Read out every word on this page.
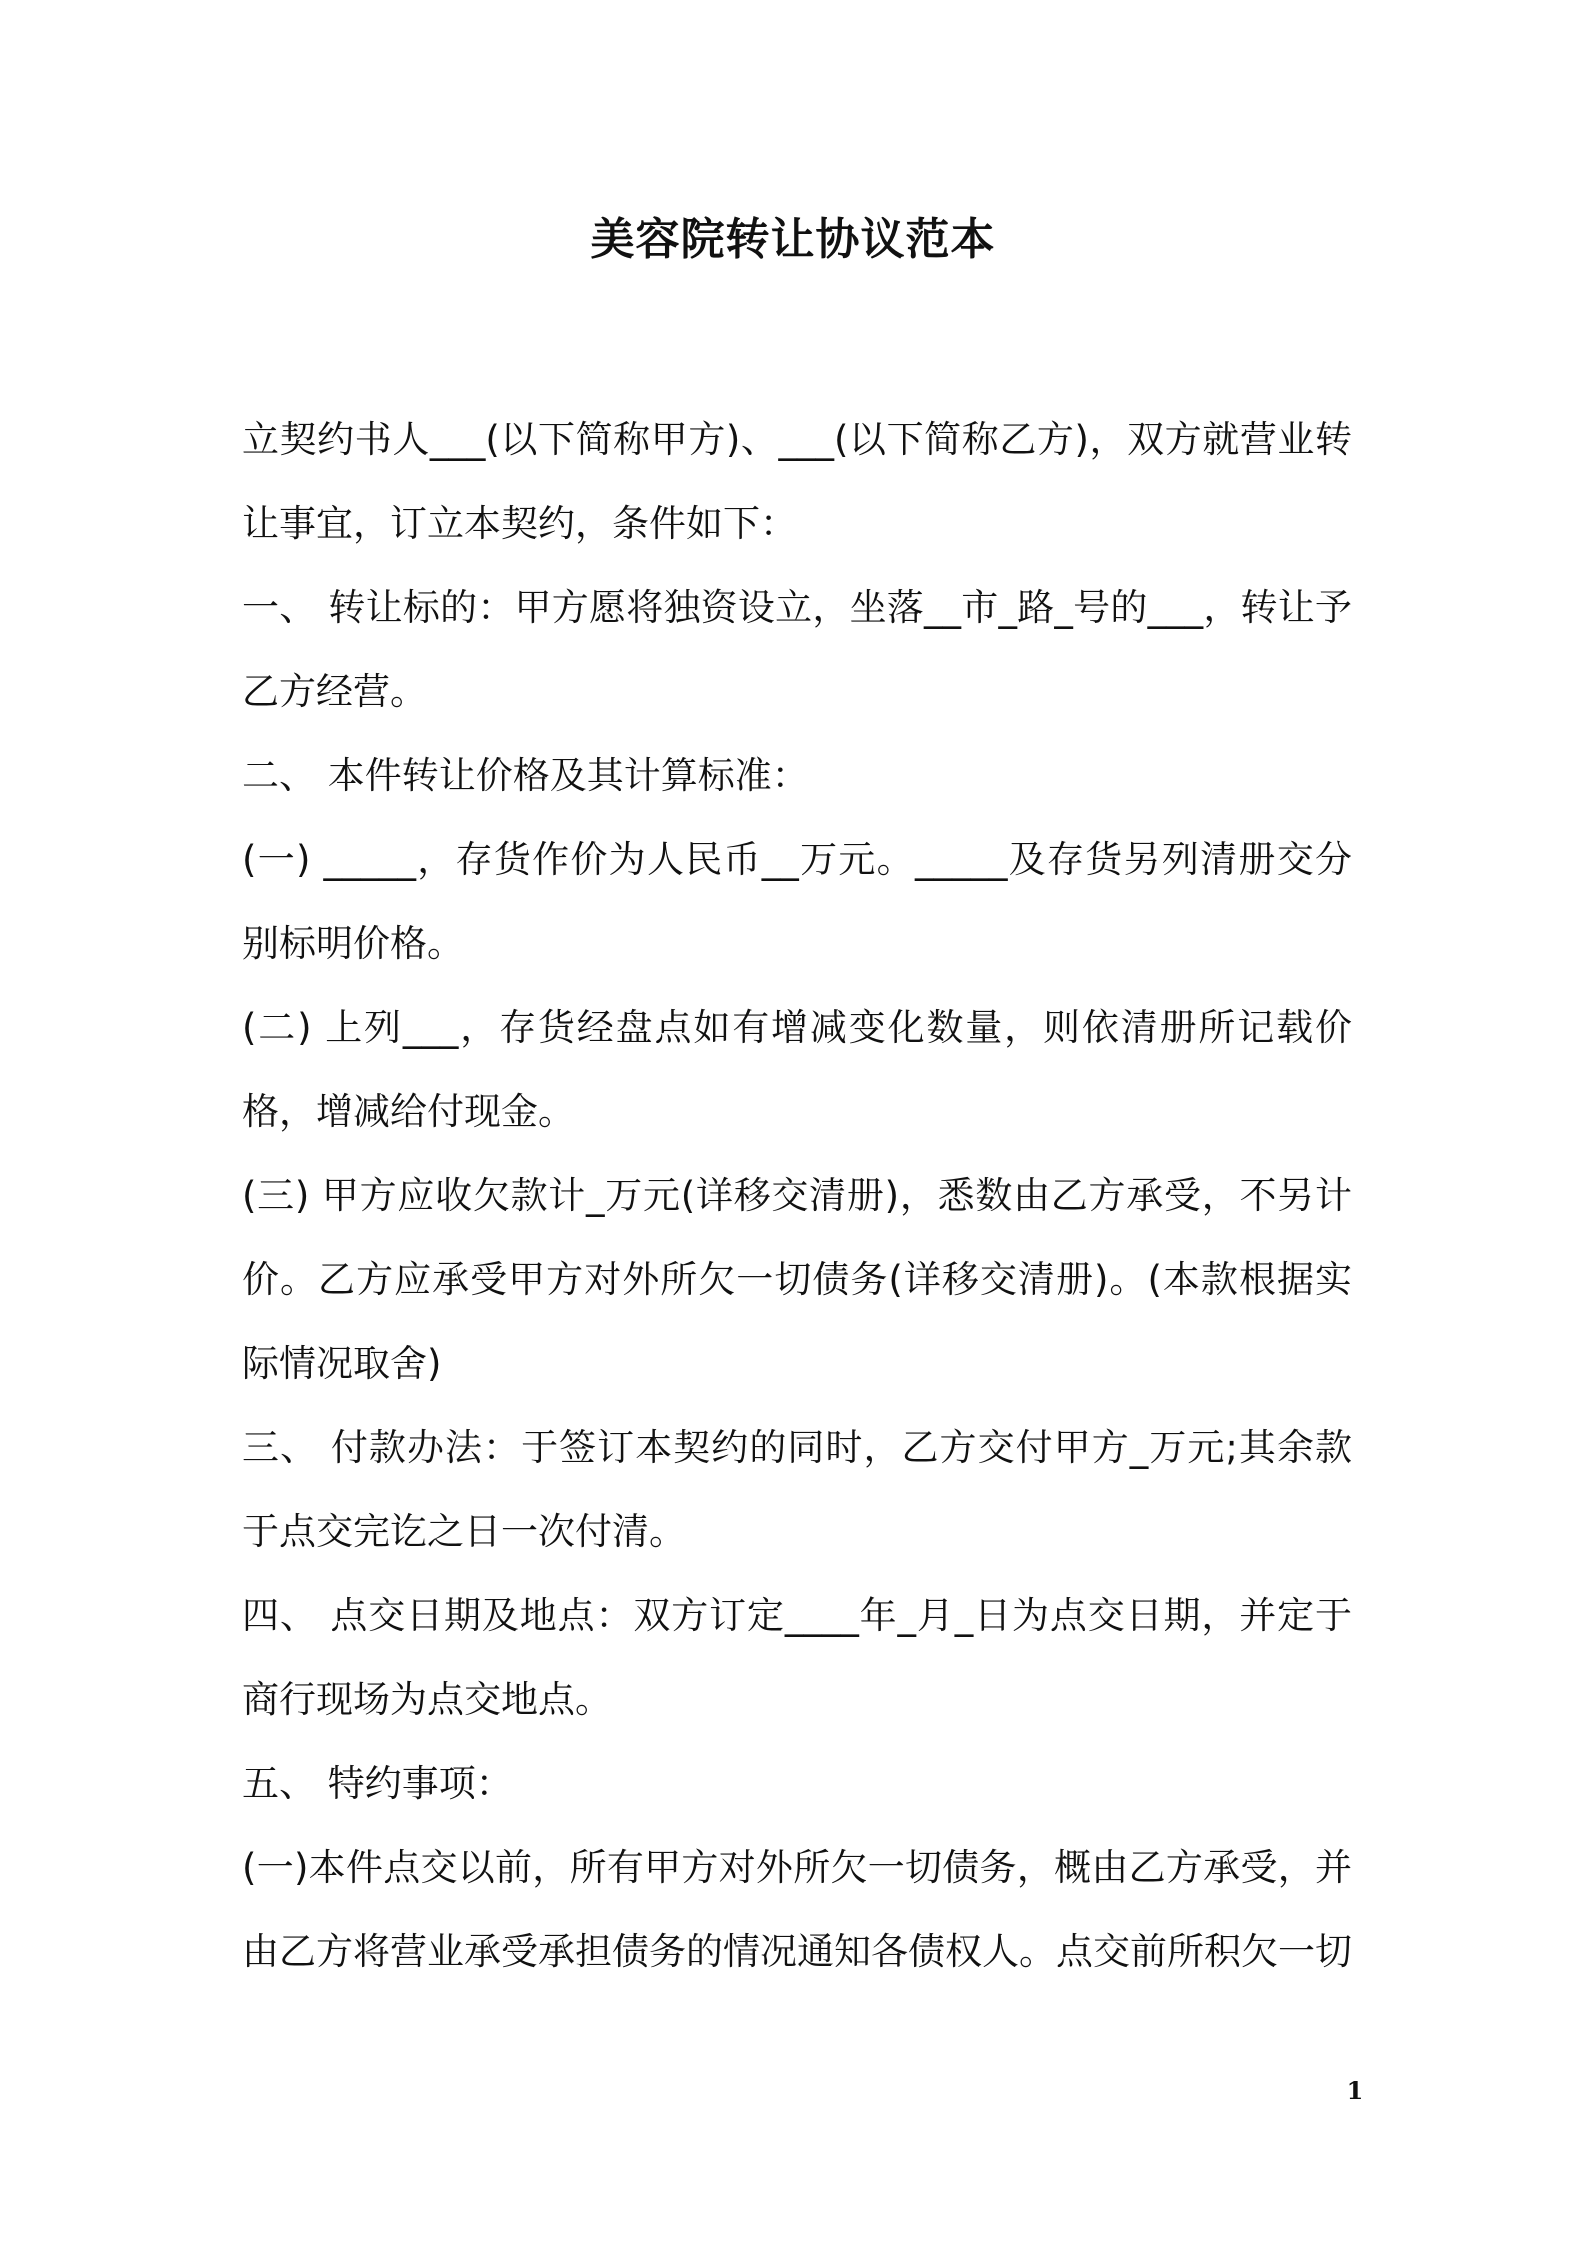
美容院转让协议范本

立契约书人___(以下简称甲方)、___(以下简称乙方)，双方就营业转让事宜，订立本契约，条件如下：

一、 转让标的：甲方愿将独资设立，坐落__市_路_号的___，转让予乙方经营。

二、 本件转让价格及其计算标准：

(一) _____，存货作价为人民币__万元。_____及存货另列清册交分别标明价格。

(二) 上列___，存货经盘点如有增减变化数量，则依清册所记载价格，增减给付现金。

(三) 甲方应收欠款计_万元(详移交清册)，悉数由乙方承受，不另计价。乙方应承受甲方对外所欠一切债务(详移交清册)。(本款根据实际情况取舍)

三、 付款办法：于签订本契约的同时，乙方交付甲方_万元;其余款于点交完讫之日一次付清。

四、 点交日期及地点：双方订定____年_月_日为点交日期，并定于商行现场为点交地点。

五、 特约事项：

(一)本件点交以前，所有甲方对外所欠一切债务，概由乙方承受，并由乙方将营业承受承担债务的情况通知各债权人。点交前所积欠一切

1
